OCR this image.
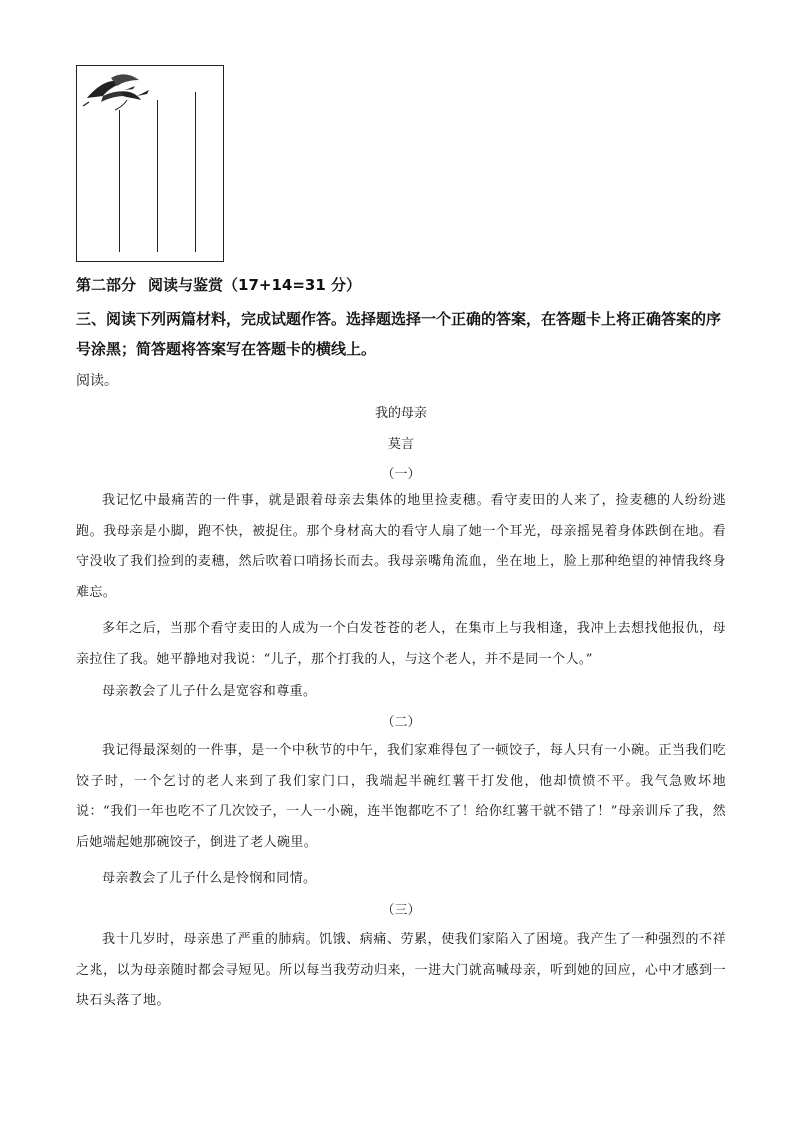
第二部分 阅读与鉴赏（17+14=31 分）
三、阅读下列两篇材料，完成试题作答。选择题选择一个正确的答案，在答题卡上将正确答案的序号涂黑；简答题将答案写在答题卡的横线上。
阅读。
我的母亲
莫言
（一）
我记忆中最痛苦的一件事，就是跟着母亲去集体的地里捡麦穗。看守麦田的人来了，捡麦穗的人纷纷逃跑。我母亲是小脚，跑不快，被捉住。那个身材高大的看守人扇了她一个耳光，母亲摇晃着身体跌倒在地。看守没收了我们捡到的麦穗，然后吹着口哨扬长而去。我母亲嘴角流血，坐在地上，脸上那种绝望的神情我终身难忘。
多年之后，当那个看守麦田的人成为一个白发苍苍的老人，在集市上与我相逢，我冲上去想找他报仇，母亲拉住了我。她平静地对我说：“儿子，那个打我的人，与这个老人，并不是同一个人。”
母亲教会了儿子什么是宽容和尊重。
（二）
我记得最深刻的一件事，是一个中秋节的中午，我们家难得包了一顿饺子，每人只有一小碗。正当我们吃饺子时，一个乞讨的老人来到了我们家门口，我端起半碗红薯干打发他，他却愤愤不平。我气急败坏地说：“我们一年也吃不了几次饺子，一人一小碗，连半饱都吃不了！给你红薯干就不错了！”母亲训斥了我，然后她端起她那碗饺子，倒进了老人碗里。
母亲教会了儿子什么是怜悯和同情。
（三）
我十几岁时，母亲患了严重的肺病。饥饿、病痛、劳累，使我们家陷入了困境。我产生了一种强烈的不祥之兆，以为母亲随时都会寻短见。所以每当我劳动归来，一进大门就高喊母亲，听到她的回应，心中才感到一块石头落了地。
